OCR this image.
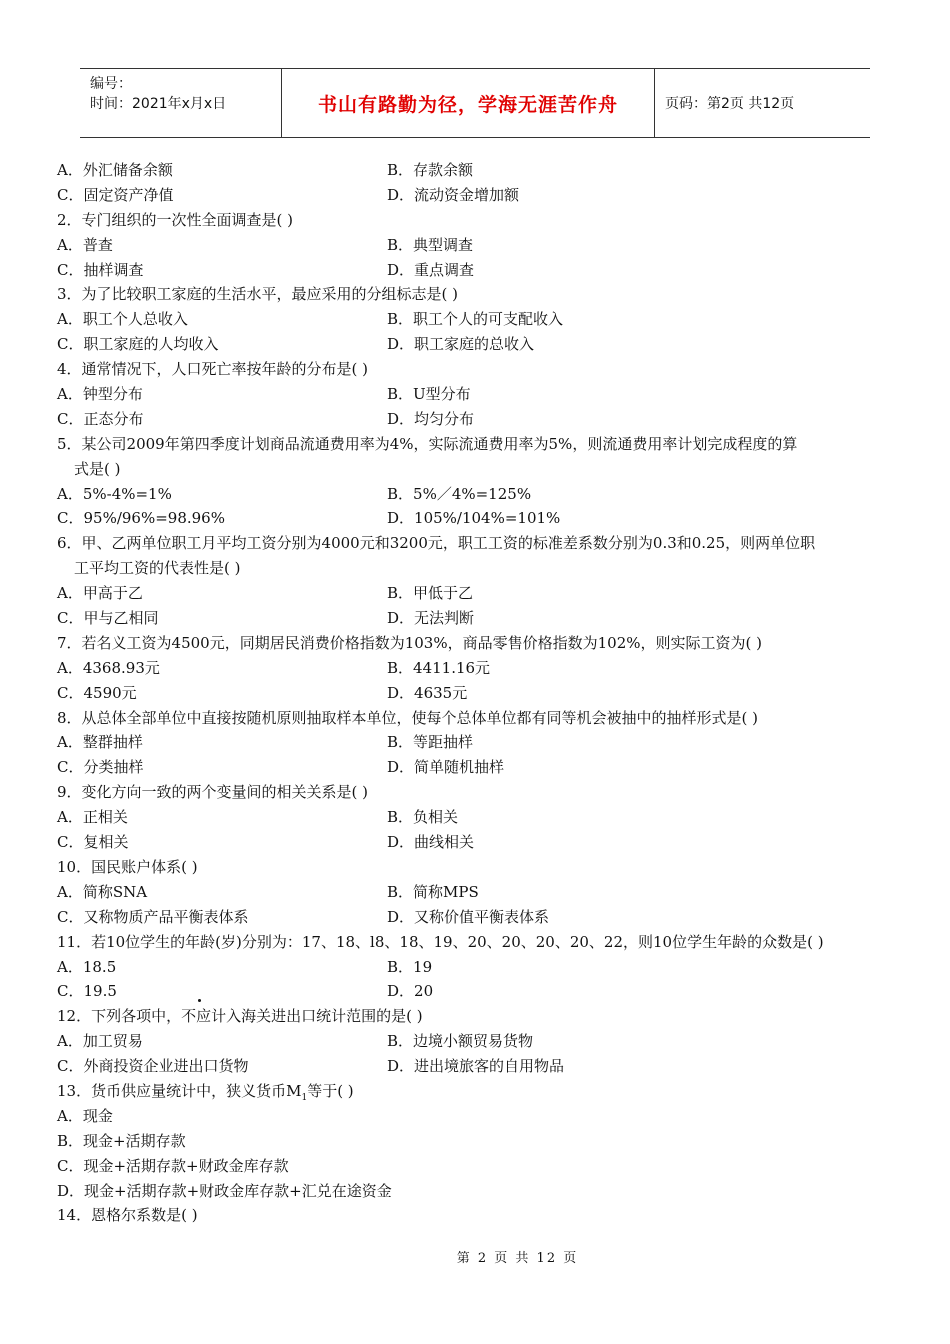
编号：
时间：2021年x月x日	书山有路勤为径，学海无涯苦作舟	页码：第2页 共12页
A．外汇储备余额	B．存款余额
C．固定资产净值	D．流动资金增加额
2．专门组织的一次性全面调查是( )
A．普查	B．典型调查
C．抽样调查	D．重点调查
3．为了比较职工家庭的生活水平，最应采用的分组标志是( )
A．职工个人总收入	B．职工个人的可支配收入
C．职工家庭的人均收入	D．职工家庭的总收入
4．通常情况下，人口死亡率按年龄的分布是( )
A．钟型分布	B．U型分布
C．正态分布	D．均匀分布
5．某公司2009年第四季度计划商品流通费用率为4%，实际流通费用率为5%，则流通费用率计划完成程度的算
式是( )
A．5%-4%=1%	B．5%／4%=125%
C．95%/96%=98.96%	D．105%/104%=101%
6．甲、乙两单位职工月平均工资分别为4000元和3200元，职工工资的标准差系数分别为0.3和0.25，则两单位职
工平均工资的代表性是( )
A．甲高于乙	B．甲低于乙
C．甲与乙相同	D．无法判断
7．若名义工资为4500元，同期居民消费价格指数为103%，商品零售价格指数为102%，则实际工资为( )
A．4368.93元	B．4411.16元
C．4590元	D．4635元
8．从总体全部单位中直接按随机原则抽取样本单位，使每个总体单位都有同等机会被抽中的抽样形式是( )
A．整群抽样	B．等距抽样
C．分类抽样	D．简单随机抽样
9．变化方向一致的两个变量间的相关关系是( )
A．正相关	B．负相关
C．复相关	D．曲线相关
10．国民账户体系( )
A．简称SNA	B．简称MPS
C．又称物质产品平衡表体系	D．又称价值平衡表体系
11．若10位学生的年龄(岁)分别为：17、18、l8、18、19、20、20、20、20、22，则10位学生年龄的众数是( )
A．18.5	B．19
C．19.5	D．20
12．下列各项中，不应计入海关进出口统计范围的是( )
A．加工贸易	B．边境小额贸易货物
C．外商投资企业进出口货物	D．进出境旅客的自用物品
13．货币供应量统计中，狭义货币$M_1$等于( )
A．现金
B．现金+活期存款
C．现金+活期存款+财政金库存款
D．现金+活期存款+财政金库存款+汇兑在途资金
14．恩格尔系数是( )
第 2 页 共 12 页
